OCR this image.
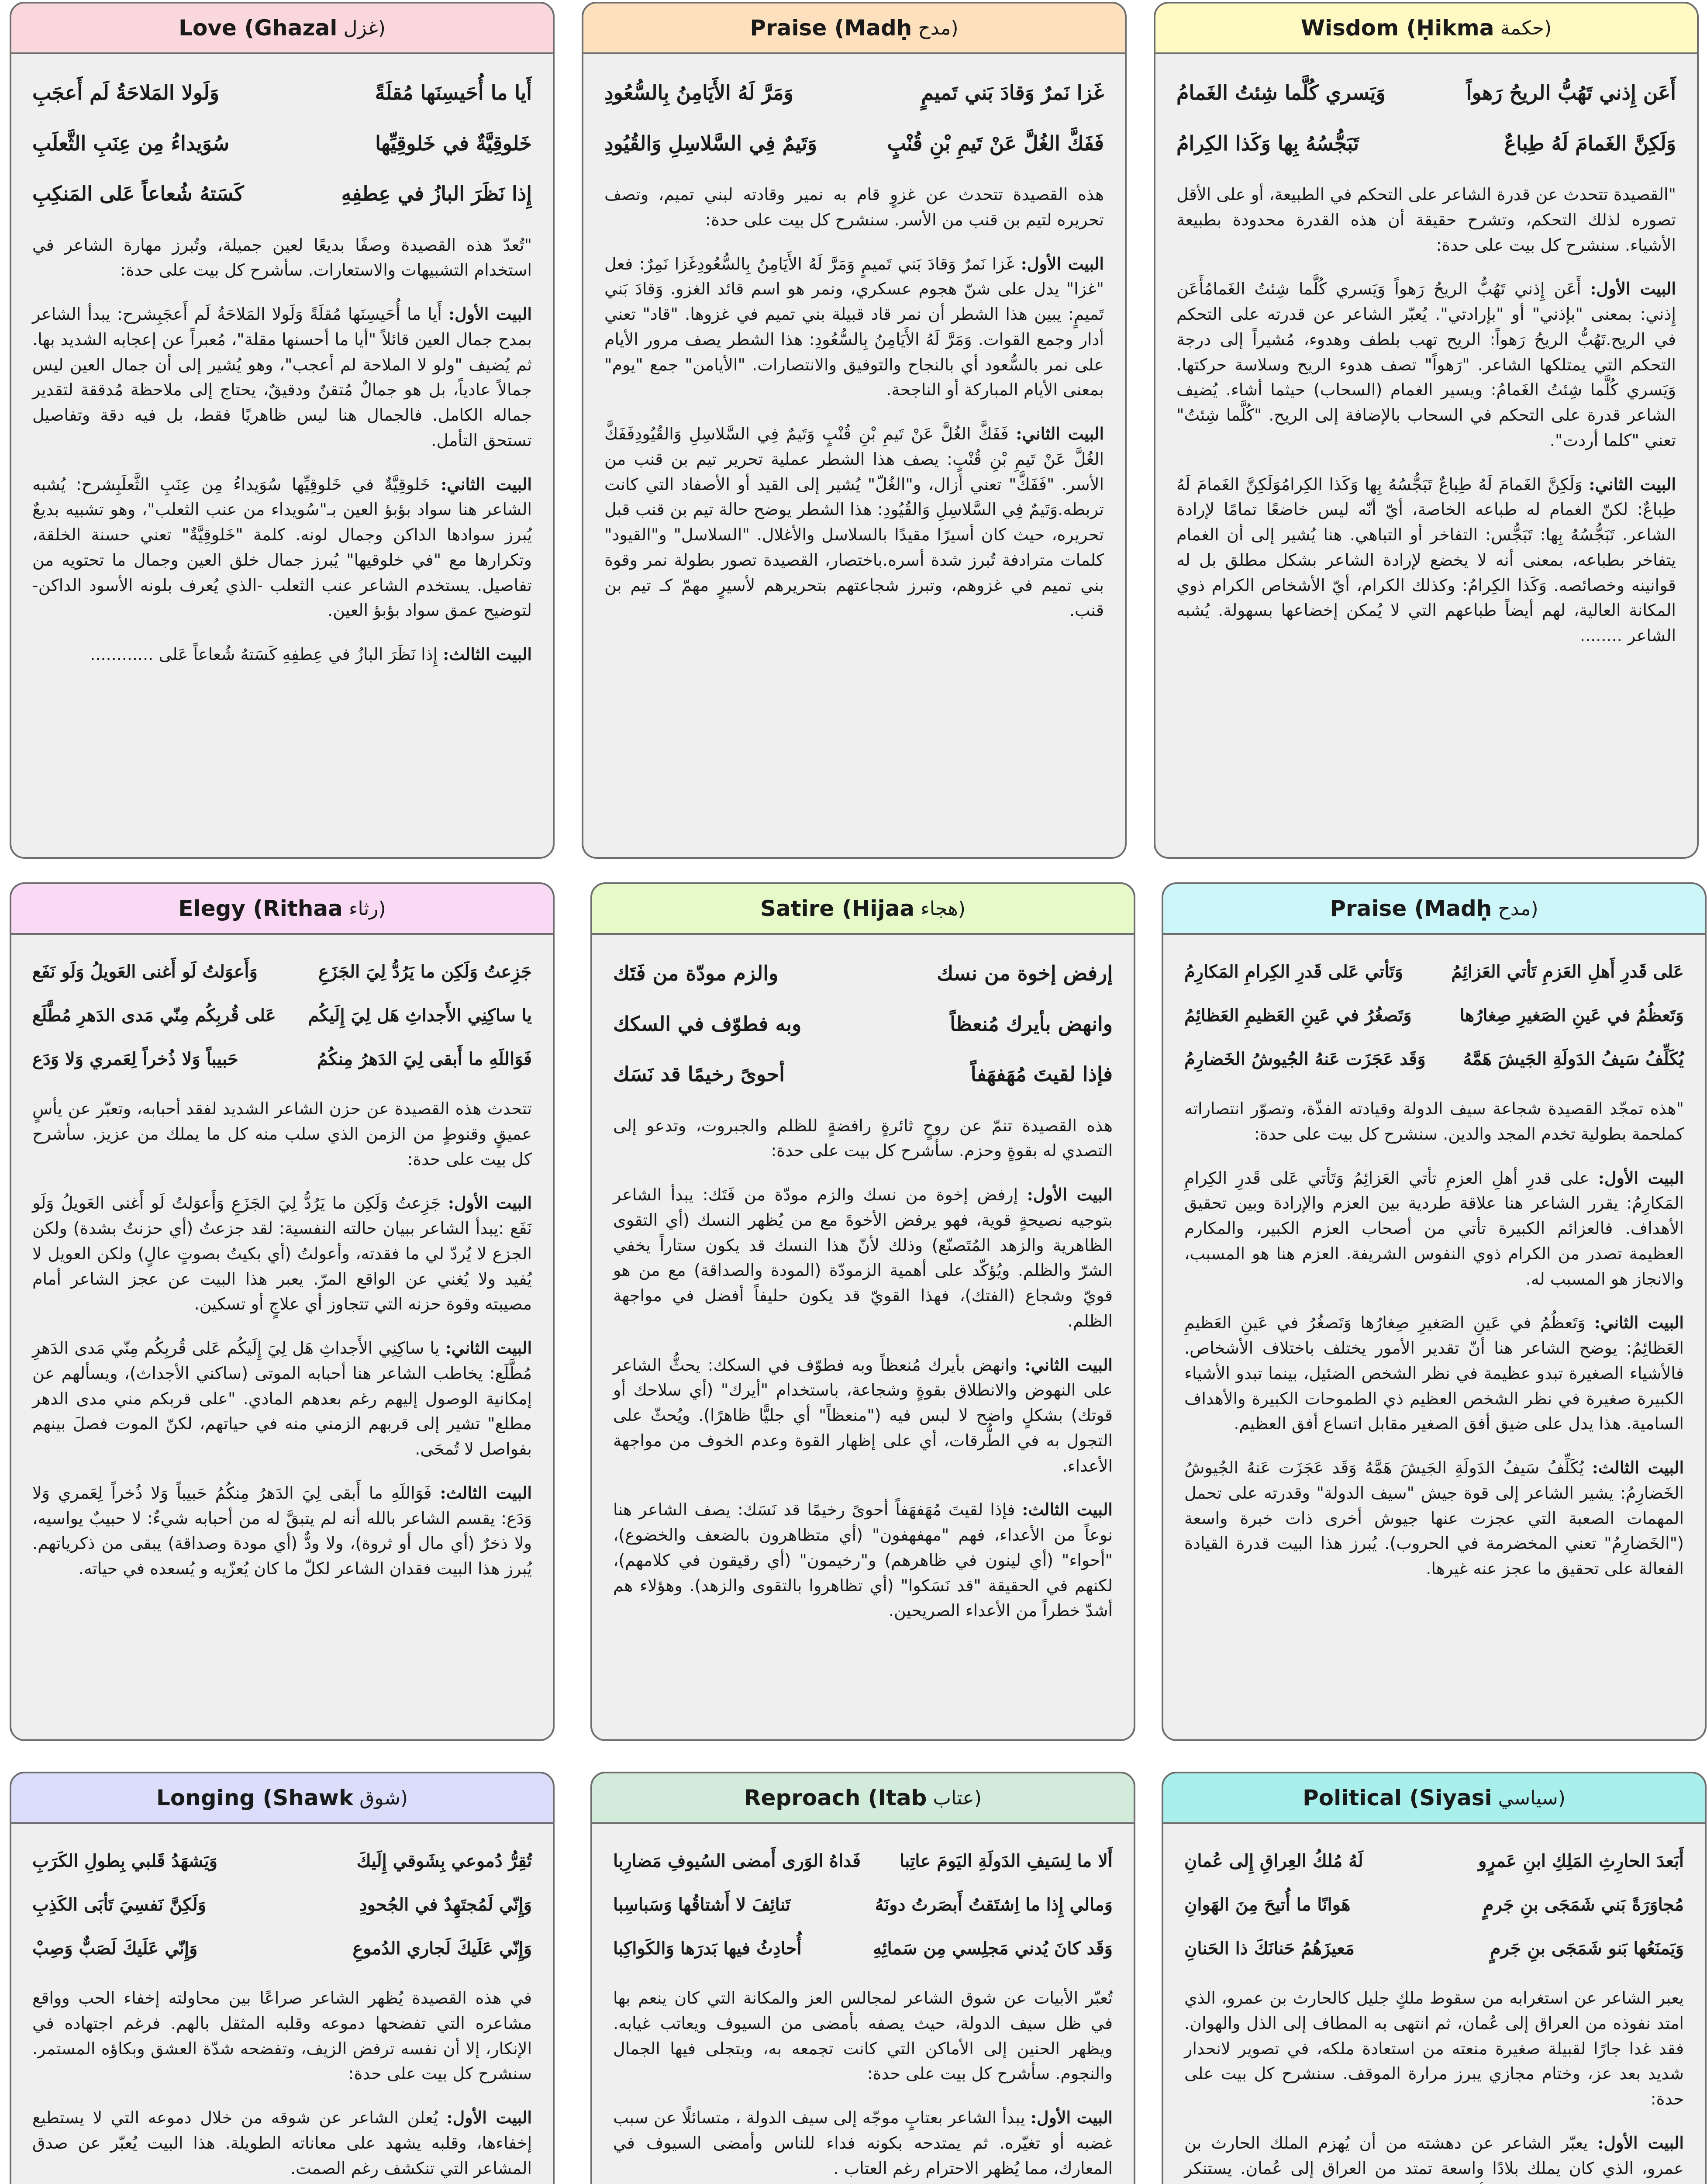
Love (Ghazal غزل)
أَيا ما أُحَيسِنَها مُقلَةً
وَلَولا المَلاحَةُ لَم أَعجَبِ
خَلوقِيَّةٌ في خَلوقِيِّها
سُوَيداءُ مِن عِنَبِ الثَّعلَبِ
إِذا نَظَرَ البازُ في عِطفِهِ
كَسَتهُ شُعاعاً عَلى المَنكِبِ

"تُعدّ هذه القصيدة وصفًا بديعًا لعين جميلة، وتُبرز مهارة الشاعر في استخدام التشبيهات والاستعارات. سأشرح كل بيت على حدة:

البيت الأول: أَيا ما أُحَيسِنَها مُقلَةً وَلَولا المَلاحَةُ لَم أَعجَبِشرح: يبدأ الشاعر بمدح جمال العين قائلاً "أيا ما أحسنها مقلة"، مُعبراً عن إعجابه الشديد بها. ثم يُضيف "ولو لا الملاحة لم أعجب"، وهو يُشير إلى أن جمال العين ليس جمالاً عادياً، بل هو جمالٌ مُتقنٌ ودقيقٌ، يحتاج إلى ملاحظة مُدققة لتقدير جماله الكامل. فالجمال هنا ليس ظاهريًا فقط، بل فيه دقة وتفاصيل تستحق التأمل.

البيت الثاني: خَلوقِيَّةٌ في خَلوقِيِّها سُوَيداءُ مِن عِنَبِ الثَّعلَبِشرح: يُشبه الشاعر هنا سواد بؤبؤ العين بـ"سُويداء من عنب الثعلب"، وهو تشبيه بديعٌ يُبرز سوادها الداكن وجمال لونه. كلمة "خَلوقِيَّةٌ" تعني حسنة الخلقة، وتكرارها مع "في خلوقيها" يُبرز جمال خلق العين وجمال ما تحتويه من تفاصيل. يستخدم الشاعر عنب الثعلب -الذي يُعرف بلونه الأسود الداكن- لتوضيح عمق سواد بؤبؤ العين.

البيت الثالث: إِذا نَظَرَ البازُ في عِطفِهِ كَسَتهُ شُعاعاً عَلى ............

Praise (Madḥ مدح)
غَزا نَمرٌ وَقادَ بَني تَميمٍ
وَمَرَّ لَهُ الأَيَامِنُ بِالسُّعُودِ
فَفَكَّ الغُلَّ عَنْ تَيمِ بْنِ قُنْبٍ
وَتَيمٌ فِي السَّلاسِلِ وَالقُيُودِ

هذه القصيدة تتحدث عن غزوٍ قام به نمير وقادته لبني تميم، وتصف تحريره لتيم بن قنب من الأسر. سنشرح كل بيت على حدة:

البيت الأول: غَزا نَمرٌ وَقادَ بَني تَميمٍ وَمَرَّ لَهُ الأَيَامِنُ بِالسُّعُودِغَزا نَمِرٌ: فعل "غزا" يدل على شنّ هجوم عسكري، ونمر هو اسم قائد الغزو. وَقادَ بَني تَميمٍ: يبين هذا الشطر أن نمر قاد قبيلة بني تميم في غزوها. "قاد" تعني أدار وجمع القوات. وَمَرَّ لَهُ الأَيَامِنُ بِالسُّعُودِ: هذا الشطر يصف مرور الأيام على نمر بالسُّعود أي بالنجاح والتوفيق والانتصارات. "الأيامن" جمع "يوم" بمعنى الأيام المباركة أو الناجحة.

البيت الثاني: فَفَكَّ الغُلَّ عَنْ تَيمِ بْنِ قُنْبٍ وَتَيمٌ فِي السَّلاسِلِ وَالقُيُودِفَفَكَّ الغُلَّ عَنْ تَيمِ بْنِ قُنْبٍ: يصف هذا الشطر عملية تحرير تيم بن قنب من الأسر. "فَفَكَّ" تعني أزال، و"الغُلّ" يُشير إلى القيد أو الأصفاد التي كانت تربطه.وَتَيمٌ فِي السَّلاسِلِ وَالقُيُودِ: هذا الشطر يوضح حالة تيم بن قنب قبل تحريره، حيث كان أسيرًا مقيدًا بالسلاسل والأغلال. "السلاسل" و"القيود" كلمات مترادفة تُبرز شدة أسره.باختصار، القصيدة تصور بطولة نمر وقوة بني تميم في غزوهم، وتبرز شجاعتهم بتحريرهم لأسيرٍ مهمّ كـ تيم بن قنب.

Wisdom (Ḥikma حكمة)
أَعَن إِذني تَهُبُّ الريحُ رَهواً
وَيَسري كُلَّما شِئتُ الغَمامُ
وَلَكِنَّ الغَمامَ لَهُ طِباعٌ
تَبَجُّسُهُ بِها وَكَذا الكِرامُ

"القصيدة تتحدث عن قدرة الشاعر على التحكم في الطبيعة، أو على الأقل تصوره لذلك التحكم، وتشرح حقيقة أن هذه القدرة محدودة بطبيعة الأشياء. سنشرح كل بيت على حدة:

البيت الأول: أَعَن إِذني تَهُبُّ الريحُ رَهواً وَيَسري كُلَّما شِئتُ الغَمامُأَعَن إِذني: بمعنى "بإذني" أو "بإرادتي". يُعبّر الشاعر عن قدرته على التحكم في الريح.تَهُبُّ الريحُ رَهواً: الريح تهب بلطف وهدوء، مُشيراً إلى درجة التحكم التي يمتلكها الشاعر. "رَهواً" تصف هدوء الريح وسلاسة حركتها. وَيَسري كُلَّما شِئتُ الغَمامُ: ويسير الغمام (السحاب) حيثما أشاء. يُضيف الشاعر قدرة على التحكم في السحاب بالإضافة إلى الريح. "كُلَّما شِئتُ" تعني "كلما أردت".

البيت الثاني: وَلَكِنَّ الغَمامَ لَهُ طِباعٌ تَبَجُّسُهُ بِها وَكَذا الكِرامُوَلَكِنَّ الغَمامَ لَهُ طِباعٌ: لكنّ الغمام له طباعه الخاصة، أيّ أنّه ليس خاضعًا تمامًا لإرادة الشاعر. تَبَجُّسُهُ بِها: تَبَجُّس: التفاخر أو التباهي. هنا يُشير إلى أن الغمام يتفاخر بطباعه، بمعنى أنه لا يخضع لإرادة الشاعر بشكل مطلق بل له قوانينه وخصائصه. وَكَذا الكِرامُ: وكذلك الكرام، أيّ الأشخاص الكرام ذوي المكانة العالية، لهم أيضاً طباعهم التي لا يُمكن إخضاعها بسهولة. يُشبه الشاعر ........

Elegy (Rithaa رثاء)
جَزِعتُ وَلَكِن ما يَرُدُّ لِيَ الجَزَعِ
وَأَعوَلتُ لَو أَغنى العَويلُ وَلَو نَفَع
يا ساكِنِي الأَجداثِ هَل لِيَ إِلَيكُم
عَلى قُربِكُم مِنّي مَدى الدَهرِ مُطَّلَع
فَوَاللَهِ ما أَبقى لِيَ الدَهرُ مِنكُمُ
حَبيباً وَلا ذُخراً لِعَمري وَلا وَدَع

تتحدث هذه القصيدة عن حزن الشاعر الشديد لفقد أحبابه، وتعبّر عن يأسٍ عميقٍ وقنوطٍ من الزمن الذي سلب منه كل ما يملك من عزيز. سأشرح كل بيت على حدة:

البيت الأول: جَزِعتُ وَلَكِن ما يَرُدُّ لِيَ الجَزَعِ وَأَعوَلتُ لَو أَغنى العَويلُ وَلَو نَفَع :يبدأ الشاعر ببيان حالته النفسية: لقد جزعتُ (أي حزنتُ بشدة) ولكن الجزع لا يُردّ لي ما فقدته، وأعولتُ (أي بكيتُ بصوتٍ عالٍ) ولكن العويل لا يُفيد ولا يُغني عن الواقع المرّ. يعبر هذا البيت عن عجز الشاعر أمام مصيبته وقوة حزنه التي تتجاوز أي علاجٍ أو تسكين.

البيت الثاني: يا ساكِنِي الأَجداثِ هَل لِيَ إِلَيكُم عَلى قُربِكُم مِنّي مَدى الدَهرِ مُطَّلَع: يخاطب الشاعر هنا أحبابه الموتى (ساكني الأجداث)، ويسألهم عن إمكانية الوصول إليهم رغم بعدهم المادي. "على قربكم مني مدى الدهر مطلع" تشير إلى قربهم الزمني منه في حياتهم، لكنّ الموت فصلَ بينهم بفواصل لا تُمحَى.

البيت الثالث: فَوَاللَهِ ما أَبقى لِيَ الدَهرُ مِنكُمُ حَبيباً وَلا ذُخراً لِعَمري وَلا وَدَع: يقسم الشاعر بالله أنه لم يتبقَّ له من أحبابه شيءٌ: لا حبيبٌ يواسيه، ولا ذخرٌ (أي مال أو ثروة)، ولا ودٌّ (أي مودة وصداقة) يبقى من ذكرياتهم. يُبرز هذا البيت فقدان الشاعر لكلّ ما كان يُعزّيه و يُسعده في حياته.

Satire (Hijaa هجاء)
إرفض إخوة من نسك
والزم مودّة من فَتَك
وانهض بأيرك مُنعظاً
وبه فطوّف في السكك
فإذا لقيتَ مُهَفهَفاً
أحوىً رخيمًا قد نَسَك

هذه القصيدة تنمّ عن روحٍ ثائرةٍ رافضةٍ للظلم والجبروت، وتدعو إلى التصدي له بقوةٍ وحزم. سأشرح كل بيت على حدة:

البيت الأول: إرفض إخوة من نسك والزم مودّة من فَتَك: يبدأ الشاعر بتوجيه نصيحةٍ قوية، فهو يرفض الأخوةَ مع من يُظهر النسك (أي التقوى الظاهرية والزهد المُتَصنّع) وذلك لأنّ هذا النسك قد يكون ستاراً يخفي الشرّ والظلم. ويُؤكّد على أهمية الزمودّة (المودة والصداقة) مع من هو قويّ وشجاع (الفتك)، فهذا القويّ قد يكون حليفاً أفضل في مواجهة الظلم.

البيت الثاني: وانهض بأيرك مُنعظاً وبه فطوّف في السكك: يحثُّ الشاعر على النهوض والانطلاق بقوةٍ وشجاعة، باستخدام "أيرك" (أي سلاحك أو قوتك) بشكلٍ واضح لا لبس فيه ("منعظاً" أي جليًّا ظاهرًا). ويُحثّ على التجول به في الطُّرقات، أي على إظهار القوة وعدم الخوف من مواجهة الأعداء.

البيت الثالث: فإذا لقيتَ مُهَفهَفاً أحوىً رخيمًا قد نَسَك: يصف الشاعر هنا نوعاً من الأعداء، فهم "مهفهفون" (أي متظاهرون بالضعف والخضوع)، "أحواء" (أي لينون في ظاهرهم) و"رخيمون" (أي رقيقون في كلامهم)، لكنهم في الحقيقة "قد نَسَكوا" (أي تظاهروا بالتقوى والزهد). وهؤلاء هم أشدّ خطراً من الأعداء الصريحين.

Praise (Madḥ مدح)
عَلى قَدرِ أَهلِ العَزمِ تَأتي العَزائِمُ
وَتَأتي عَلى قَدرِ الكِرامِ المَكارِمُ
وَتَعظُمُ في عَينِ الصَغيرِ صِغارُها
وَتَصغُرُ في عَينِ العَظيمِ العَظائِمُ
يُكَلِّفُ سَيفُ الدَولَةِ الجَيشَ هَمَّهُ
وَقَد عَجَزَت عَنهُ الجُيوشُ الخَضارِمُ

"هذه تمجّد القصيدة شجاعة سيف الدولة وقيادته الفذّة، وتصوّر انتصاراته كملحمة بطولية تخدم المجد والدين. سنشرح كل بيت على حدة:

البيت الأول: على قدرِ أهلِ العزمِ تأتي العَزائِمُ وَتَأتي عَلى قَدرِ الكِرامِ المَكارِمُ: يقرر الشاعر هنا علاقة طردية بين العزم والإرادة وبين تحقيق الأهداف. فالعزائم الكبيرة تأتي من أصحاب العزم الكبير، والمكارم العظيمة تصدر من الكرام ذوي النفوس الشريفة. العزم هنا هو المسبب، والانجاز هو المسبب له.

البيت الثاني: وَتَعظُمُ في عَينِ الصَغيرِ صِغارُها وَتَصغُرُ في عَينِ العَظيمِ العَظائِمُ: يوضح الشاعر هنا أنّ تقدير الأمور يختلف باختلاف الأشخاص. فالأشياء الصغيرة تبدو عظيمة في نظر الشخص الضئيل، بينما تبدو الأشياء الكبيرة صغيرة في نظر الشخص العظيم ذي الطموحات الكبيرة والأهداف السامية. هذا يدل على ضيق أفق الصغير مقابل اتساع أفق العظيم.

البيت الثالث: يُكَلِّفُ سَيفُ الدَولَةِ الجَيشَ هَمَّهُ وَقَد عَجَزَت عَنهُ الجُيوشُ الخَضارِمُ: يشير الشاعر إلى قوة جيش "سيف الدولة" وقدرته على تحمل المهمات الصعبة التي عجزت عنها جيوش أخرى ذات خبرة واسعة ("الخَضارِمُ" تعني المخضرمة في الحروب). يُبرز هذا البيت قدرة القيادة الفعالة على تحقيق ما عجز عنه غيرها.

Longing (Shawk شوق)
تُقِرُّ دُموعي بِشَوقي إِلَيكَ
وَيَشهَدُ قَلبي بِطولِ الكَرَبِ
وَإِنّي لَمُجتَهِدٌ في الجُحودِ
وَلَكِنَّ نَفسِيَ تَأبَى الكَذِبِ
وَإِنّي عَلَيكَ لَجاري الدُموعِ
وَإِنّي عَلَيكَ لَصَبٌّ وَصِبْ

في هذه القصيدة يُظهر الشاعر صراعًا بين محاولته إخفاء الحب وواقع مشاعره التي تفضحها دموعه وقلبه المثقل بالهم. فرغم اجتهاده في الإنكار، إلا أن نفسه ترفض الزيف، وتفضحه شدّة العشق وبكاؤه المستمر. سنشرح كل بيت على حدة:

البيت الأول: يُعلن الشاعر عن شوقه من خلال دموعه التي لا يستطيع إخفاءها، وقلبه يشهد على معاناته الطويلة. هذا البيت يُعبّر عن صدق المشاعر التي تنكشف رغم الصمت.

Reproach (Itab عتاب)
أَلا ما لِسَيفِ الدَولَةِ اليَومَ عاتِبا
فَداهُ الوَرى أَمضى السُيوفِ مَضارِبا
وَمالي إِذا ما اِشتَقتُ أَبصَرتُ دونَهُ
تَنائِفَ لا أَشتاقُها وَسَباسِبا
وَقَد كانَ يُدني مَجلِسي مِن سَمائِهِ
أُحادِثُ فيها بَدرَها وَالكَواكِبا

تُعبّر الأبيات عن شوق الشاعر لمجالس العز والمكانة التي كان ينعم بها في ظل سيف الدولة، حيث يصفه بأمضى من السيوف ويعاتب غيابه. ويظهر الحنين إلى الأماكن التي كانت تجمعه به، وبتجلى فيها الجمال والنجوم. سأشرح كل بيت على حدة:

البيت الأول: يبدأ الشاعر بعتابٍ موجّه إلى سيف الدولة ، متسائلًا عن سبب غضبه أو تغيّره. ثم يمتدحه بكونه فداء للناس وأمضى السيوف في المعارك، مما يُظهر الاحترام رغم العتاب .

Political (Siyasi سياسي)
أَبَعدَ الحارِثِ المَلِكِ ابنِ عَمرٍو
لَهُ مُلكُ العِراقِ إِلى عُمانِ
مُجاوَرَةً بَني شَمَجَى بنِ جَرمٍ
هَوانًا ما أُتيحَ مِنَ الهَوانِ
وَيَمنَعُها بَنو شَمَجَى بنِ جَرمٍ
مَعيزَهُمُ حَنانَكَ ذا الحَنانِ

يعبر الشاعر عن استغرابه من سقوط ملكٍ جليل كالحارث بن عمرو، الذي امتد نفوذه من العراق إلى عُمان، ثم انتهى به المطاف إلى الذل والهوان. فقد غدا جارًا لقبيلة صغيرة منعته من استعادة ملكه، في تصوير لانحدار شديد بعد عز، وختام مجازي يبرز مرارة الموقف. سنشرح كل بيت على حدة:

البيت الأول: يعبّر الشاعر عن دهشته من أن يُهزم الملك الحارث بن عمرو، الذي كان يملك بلادًا واسعة تمتد من العراق إلى عُمان. يستنكر
